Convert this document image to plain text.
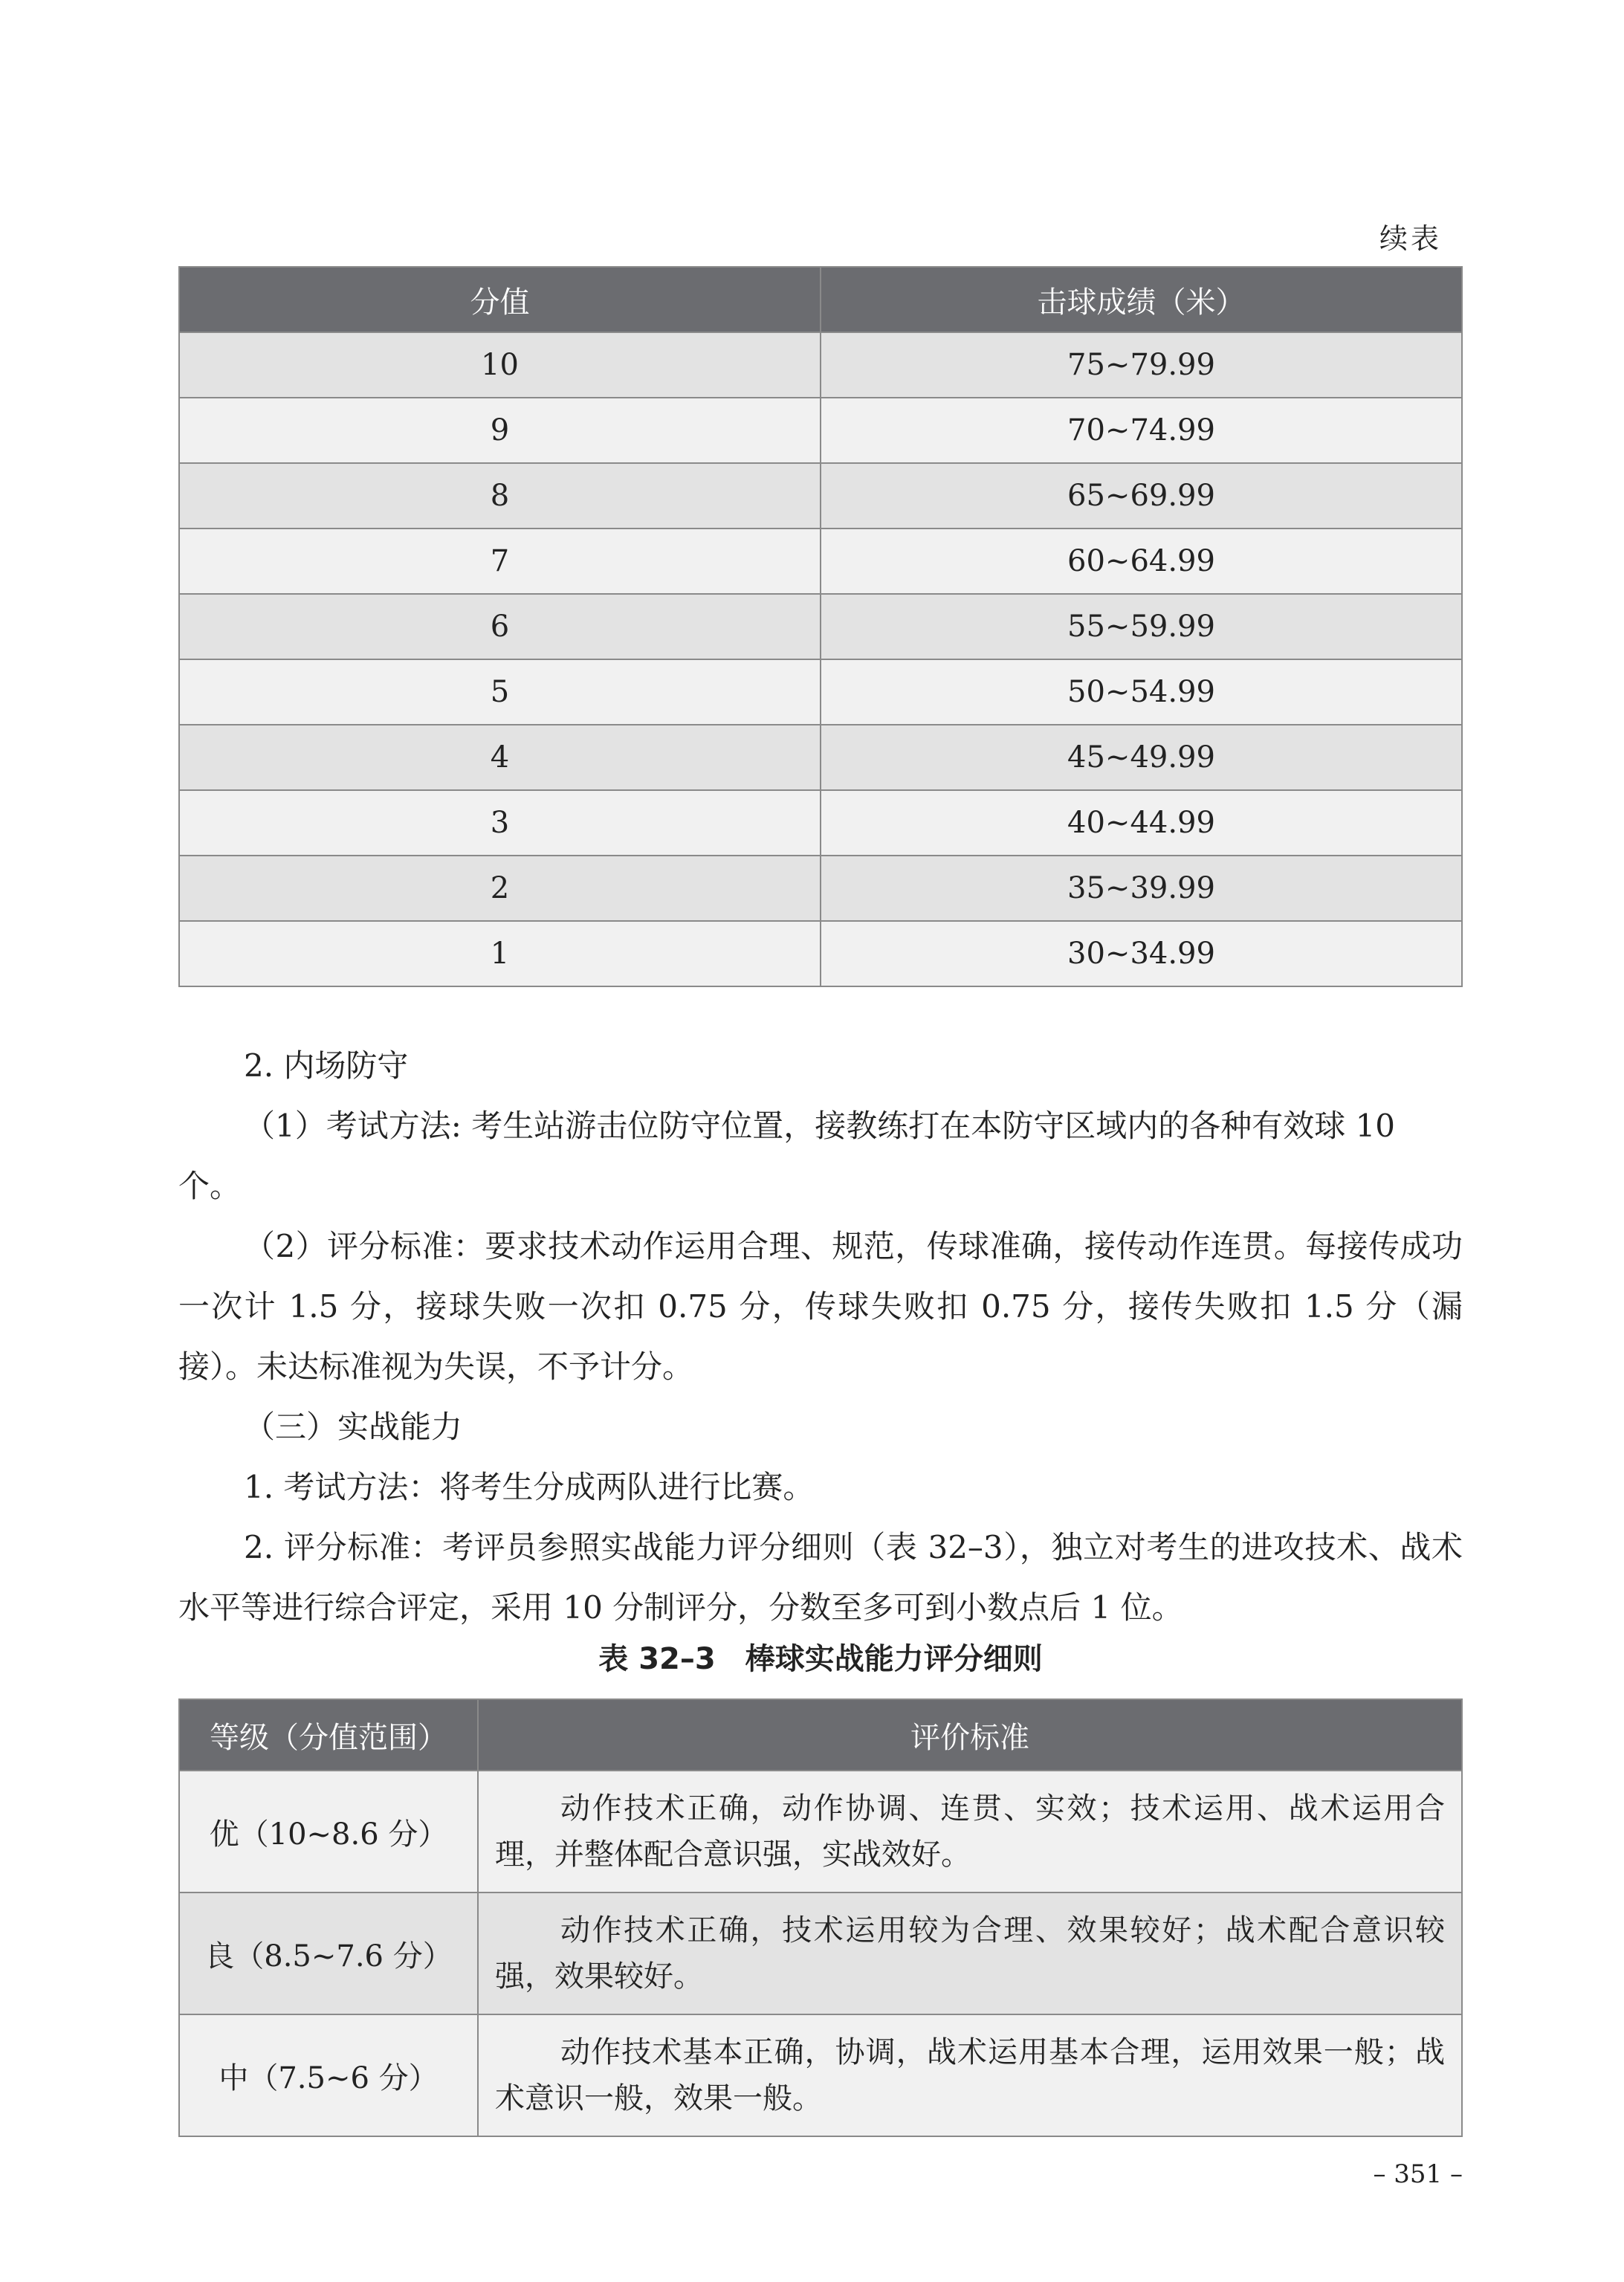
续表
分值	击球成绩（米）
10	75~79.99
9	70~74.99
8	65~69.99
7	60~64.99
6	55~59.99
5	50~54.99
4	45~49.99
3	40~44.99
2	35~39.99
1	30~34.99

2. 内场防守

（1）考试方法: 考生站游击位防守位置，接教练打在本防守区域内的各种有效球 10 个。

（2）评分标准：要求技术动作运用合理、规范，传球准确，接传动作连贯。每接传成功一次计 1.5 分，接球失败一次扣 0.75 分，传球失败扣 0.75 分，接传失败扣 1.5 分（漏接）。未达标准视为失误，不予计分。

（三）实战能力

1. 考试方法：将考生分成两队进行比赛。

2. 评分标准：考评员参照实战能力评分细则（表 32–3），独立对考生的进攻技术、战术水平等进行综合评定，采用 10 分制评分，分数至多可到小数点后 1 位。

表 32–3　棒球实战能力评分细则
等级（分值范围）	评价标准
优（10~8.6 分）	动作技术正确，动作协调、连贯、实效；技术运用、战术运用合理，并整体配合意识强，实战效好。
良（8.5~7.6 分）	动作技术正确，技术运用较为合理、效果较好；战术配合意识较强，效果较好。
中（7.5~6 分）	动作技术基本正确，协调，战术运用基本合理，运用效果一般；战术意识一般，效果一般。
– 351 –
